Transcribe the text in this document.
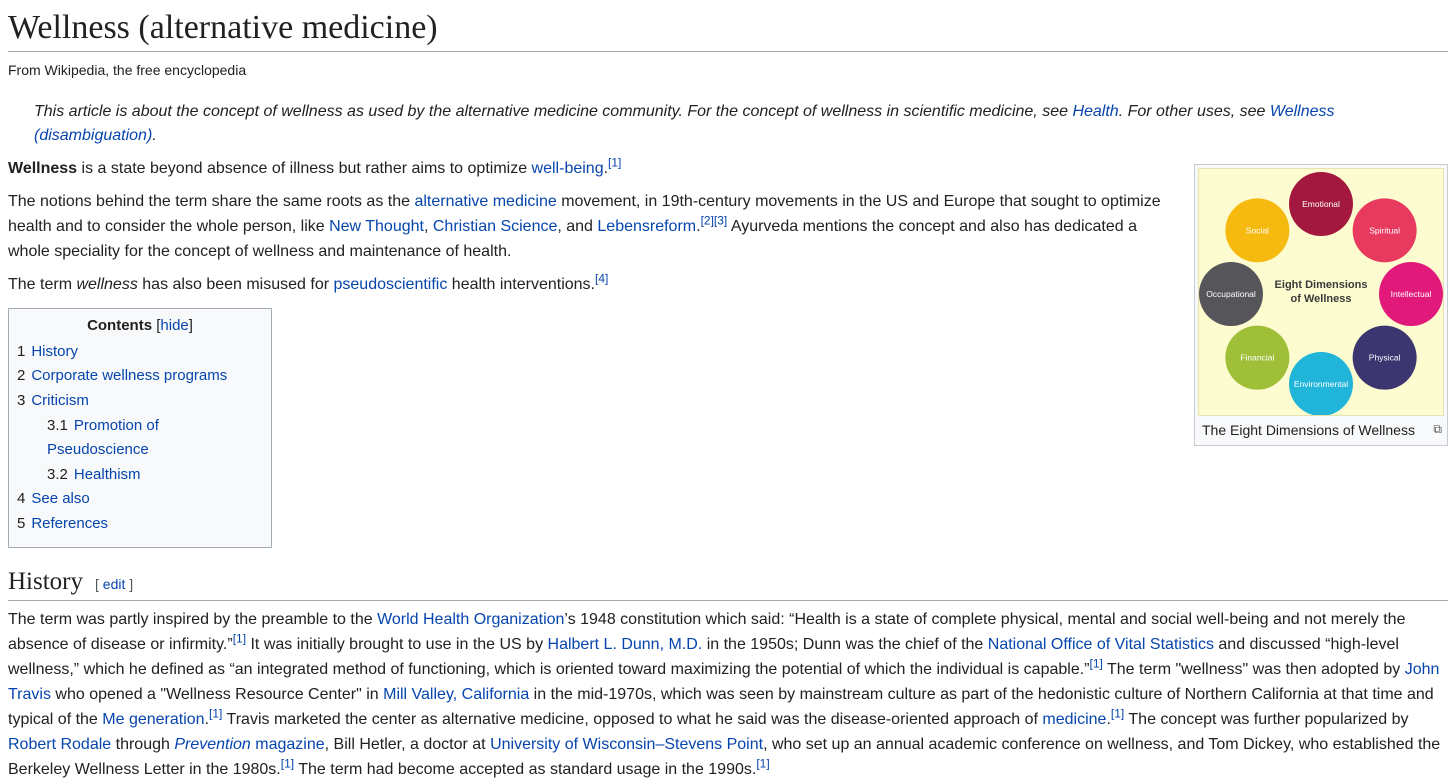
Wellness (alternative medicine)
From Wikipedia, the free encyclopedia
This article is about the concept of wellness as used by the alternative medicine community. For the concept of wellness in scientific medicine, see Health. For other uses, see Wellness (disambiguation).

Wellness is a state beyond absence of illness but rather aims to optimize well-being.[1]

The notions behind the term share the same roots as the alternative medicine movement, in 19th-century movements in the US and Europe that sought to optimize health and to consider the whole person, like New Thought, Christian Science, and Lebensreform.[2][3] Ayurveda mentions the concept and also has dedicated a whole speciality for the concept of wellness and maintenance of health.

The term wellness has also been misused for pseudoscientific health interventions.[4]

Contents [hide]
1 History
2 Corporate wellness programs
3 Criticism
3.1 Promotion of Pseudoscience
3.2 Healthism
4 See also
5 References
Eight Dimensions
of Wellness
Emotional
Spiritual
Intellectual
Physical
Environmental
Financial
Occupational
Social
The Eight Dimensions of Wellness ⧉
History [ edit ]

The term was partly inspired by the preamble to the World Health Organization’s 1948 constitution which said: “Health is a state of complete physical, mental and social well-being and not merely the absence of disease or infirmity.”[1] It was initially brought to use in the US by Halbert L. Dunn, M.D. in the 1950s; Dunn was the chief of the National Office of Vital Statistics and discussed “high-level wellness,” which he defined as “an integrated method of functioning, which is oriented toward maximizing the potential of which the individual is capable.”[1] The term "wellness" was then adopted by John Travis who opened a "Wellness Resource Center" in Mill Valley, California in the mid-1970s, which was seen by mainstream culture as part of the hedonistic culture of Northern California at that time and typical of the Me generation.[1] Travis marketed the center as alternative medicine, opposed to what he said was the disease-oriented approach of medicine.[1] The concept was further popularized by Robert Rodale through Prevention magazine, Bill Hetler, a doctor at University of Wisconsin–Stevens Point, who set up an annual academic conference on wellness, and Tom Dickey, who established the Berkeley Wellness Letter in the 1980s.[1] The term had become accepted as standard usage in the 1990s.[1]
